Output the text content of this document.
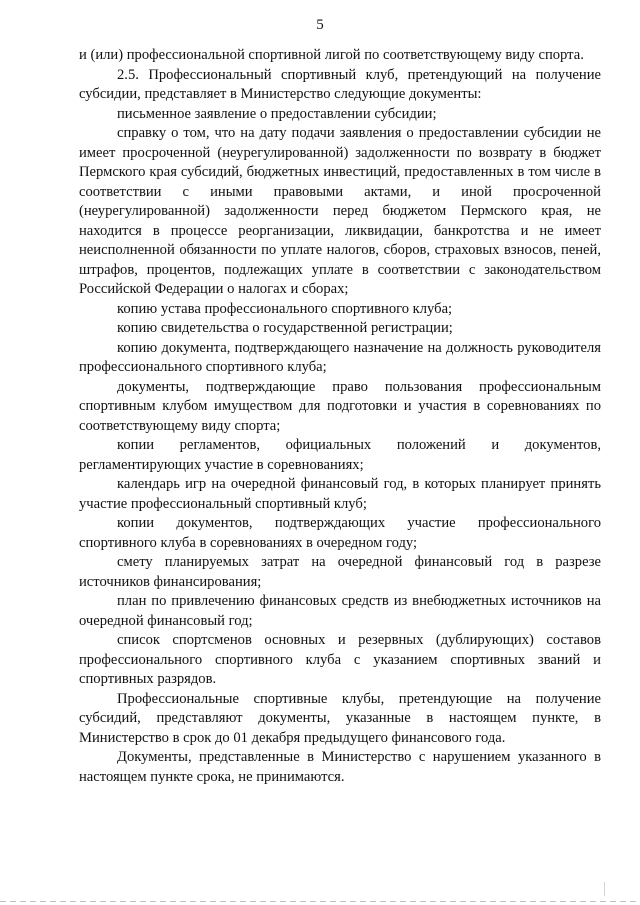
5

и (или) профессиональной спортивной лигой по соответствующему виду спорта.

2.5. Профессиональный спортивный клуб, претендующий на получение субсидии, представляет в Министерство следующие документы:

письменное заявление о предоставлении субсидии;

справку о том, что на дату подачи заявления о предоставлении субсидии не имеет просроченной (неурегулированной) задолженности по возврату в бюджет Пермского края субсидий, бюджетных инвестиций, предоставленных в том числе в соответствии с иными правовыми актами, и иной просроченной (неурегулированной) задолженности перед бюджетом Пермского края, не находится в процессе реорганизации, ликвидации, банкротства и не имеет неисполненной обязанности по уплате налогов, сборов, страховых взносов, пеней, штрафов, процентов, подлежащих уплате в соответствии с законодательством Российской Федерации о налогах и сборах;

копию устава профессионального спортивного клуба;

копию свидетельства о государственной регистрации;

копию документа, подтверждающего назначение на должность руководителя профессионального спортивного клуба;

документы, подтверждающие право пользования профессиональным спортивным клубом имуществом для подготовки и участия в соревнованиях по соответствующему виду спорта;

копии регламентов, официальных положений и документов, регламентирующих участие в соревнованиях;

календарь игр на очередной финансовый год, в которых планирует принять участие профессиональный спортивный клуб;

копии документов, подтверждающих участие профессионального спортивного клуба в соревнованиях в очередном году;

смету планируемых затрат на очередной финансовый год в разрезе источников финансирования;

план по привлечению финансовых средств из внебюджетных источников на очередной финансовый год;

список спортсменов основных и резервных (дублирующих) составов профессионального спортивного клуба с указанием спортивных званий и спортивных разрядов.

Профессиональные спортивные клубы, претендующие на получение субсидий, представляют документы, указанные в настоящем пункте, в Министерство в срок до 01 декабря предыдущего финансового года.

Документы, представленные в Министерство с нарушением указанного в настоящем пункте срока, не принимаются.
